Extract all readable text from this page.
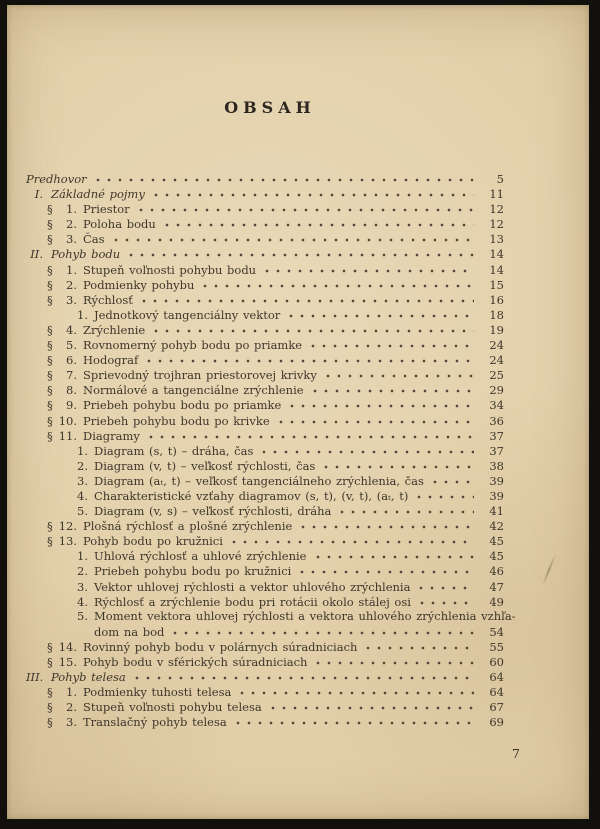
OBSAH
Predhovor	5
I. Základné pojmy	11
§	1. Priestor	12
§	2. Poloha bodu	12
§	3. Čas	13
II. Pohyb bodu	14
§	1. Stupeň voľnosti pohybu bodu	14
§	2. Podmienky pohybu	15
§	3. Rýchlosť	16
1. Jednotkový tangenciálny vektor	18
§	4. Zrýchlenie	19
§	5. Rovnomerný pohyb bodu po priamke	24
§	6. Hodograf	24
§	7. Sprievodný trojhran priestorovej krivky	25
§	8. Normálové a tangenciálne zrýchlenie	29
§	9. Priebeh pohybu bodu po priamke	34
§ 10. Priebeh pohybu bodu po krivke	36
§ 11. Diagramy	37
1. Diagram (s, t) – dráha, čas	37
2. Diagram (v, t) – veľkosť rýchlosti, čas	38
3. Diagram (aₜ, t) – veľkosť tangenciálneho zrýchlenia, čas	39
4. Charakteristické vzťahy diagramov (s, t), (v, t), (aₜ, t)	39
5. Diagram (v, s) – veľkosť rýchlosti, dráha	41
§ 12. Plošná rýchlosť a plošné zrýchlenie	42
§ 13. Pohyb bodu po kružnici	45
1. Uhlová rýchlosť a uhlové zrýchlenie	45
2. Priebeh pohybu bodu po kružnici	46
3. Vektor uhlovej rýchlosti a vektor uhlového zrýchlenia	47
4. Rýchlosť a zrýchlenie bodu pri rotácii okolo stálej osi	49
5. Moment vektora uhlovej rýchlosti a vektora uhlového zrýchlenia vzhľa-
dom na bod	54
§ 14. Rovinný pohyb bodu v polárnych súradniciach	55
§ 15. Pohyb bodu v sférických súradniciach	60
III. Pohyb telesa	64
§	1. Podmienky tuhosti telesa	64
§	2. Stupeň voľnosti pohybu telesa	67
§	3. Translačný pohyb telesa	69
7
